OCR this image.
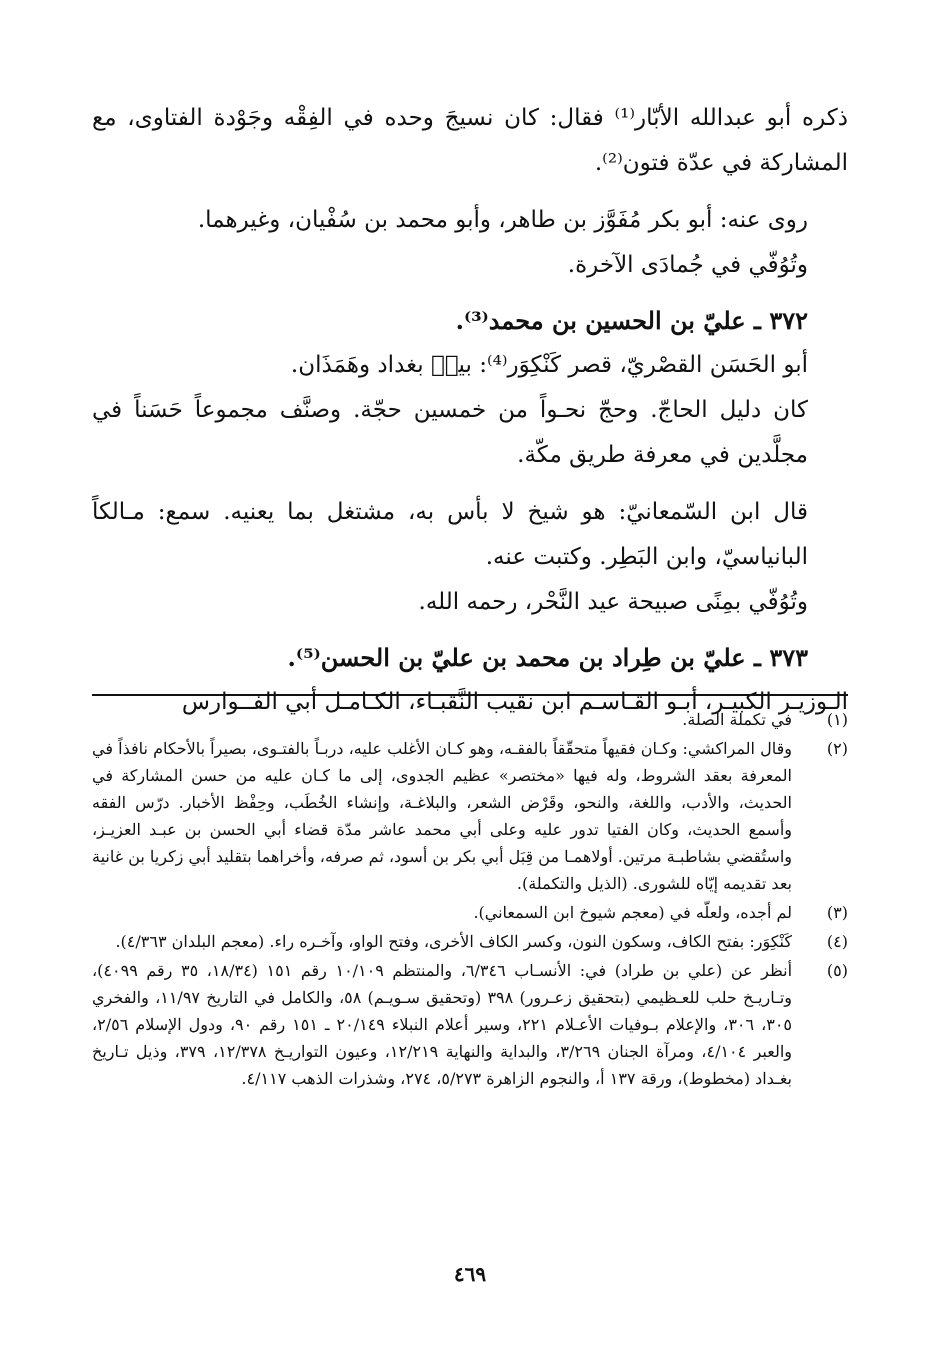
ذكره أبو عبدالله الأبّار⁽¹⁾ فقال: كان نسيجَ وحده في الفِقْه وجَوْدة الفتاوى، مع المشاركة في عدّة فتون⁽²⁾.

روى عنه: أبو بكر مُفَوَّز بن طاهر، وأبو محمد بن سُفْيان، وغيرهما.

وتُوُفّي في جُمادَى الآخرة.

٣٧٢ ـ عليّ بن الحسين بن محمد⁽³⁾.

أبو الحَسَن القصْريّ، قصر كَنْكِوَر⁽⁴⁾: بينٙ بغداد وهَمَذَان.

كان دليل الحاجّ. وحجّ نحـواً من خمسين حجّة. وصنَّف مجموعاً حَسَناً في مجلَّدين في معرفة طريق مكّة.

قال ابن السّمعانيّ: هو شيخ لا بأس به، مشتغل بما يعنيه. سمع: مـالكاً البانياسيّ، وابن البَطِر. وكتبت عنه.

وتُوُفّي بمِنًى صبيحة عيد النَّحْر، رحمه الله.

٣٧٣ ـ عليّ بن طِراد بن محمد بن عليّ بن الحسن⁽⁵⁾.

الـوزيـر الكبيـر، أبـو القـاسـم ابن نقيب النَّقبـاء، الكـامـل أبي الفــوارس

(١)
في تكملة الصلة.
(٢)
وقال المراكشي: وكـان فقيهاً متحقّقاً بالفقـه، وهو كـان الأغلب عليه، دربـاً بالفتـوى، بصيراً بالأحكام نافذاً في المعرفة بعقد الشروط، وله فيها «مختصر» عظيم الجدوى، إلى ما كـان عليه من حسن المشاركة في الحديث، والأدب، واللغة، والنحو، وقَرْض الشعر، والبلاغـة، وإنشاء الخُطَب، وحِفْظ الأخبار. درّس الفقه وأسمع الحديث، وكان الفتيا تدور عليه وعلى أبي محمد عاشر مدّة قضاء أبي الحسن بن عبـد العزيـز، واستُقضي بشاطبـة مرتين. أولاهمـا من قِبَل أبي بكر بن أسود، ثم صرفه، وأخراهما بتقليد أبي زكريا بن غانية بعد تقديمه إيّاه للشورى. (الذيل والتكملة).
(٣)
لم أجده، ولعلّه في (معجم شيوخ ابن السمعاني).
(٤)
كَنْكِوَر: بفتح الكاف، وسكون النون، وكسر الكاف الأخرى، وفتح الواو، وآخـره راء. (معجم البلدان ٤/٣٦٣).
(٥)
أنظر عن (علي بن طراد) في: الأنسـاب ٦/٣٤٦، والمنتظم ١٠/١٠٩ رقم ١٥١ (١٨/٣٤، ٣٥ رقم ٤٠٩٩)، وتـاريـخ حلب للعـظيمي (بتحقيق زعـرور) ٣٩٨ (وتحقيق سـويـم) ٥٨، والكامل في التاريخ ١١/٩٧، والفخري ٣٠٥، ٣٠٦، والإعلام بـوفيات الأعـلام ٢٢١، وسير أعلام النبلاء ٢٠/١٤٩ ـ ١٥١ رقم ٩٠، ودول الإسلام ٢/٥٦، والعبر ٤/١٠٤، ومرآة الجنان ٣/٢٦٩، والبداية والنهاية ١٢/٢١٩، وعيون التواريـخ ١٢/٣٧٨، ٣٧٩، وذيل تـاريخ بغـداد (مخطوط)، ورقة ١٣٧ أ، والنجوم الزاهرة ٥/٢٧٣، ٢٧٤، وشذرات الذهب ٤/١١٧.
٤٦٩
